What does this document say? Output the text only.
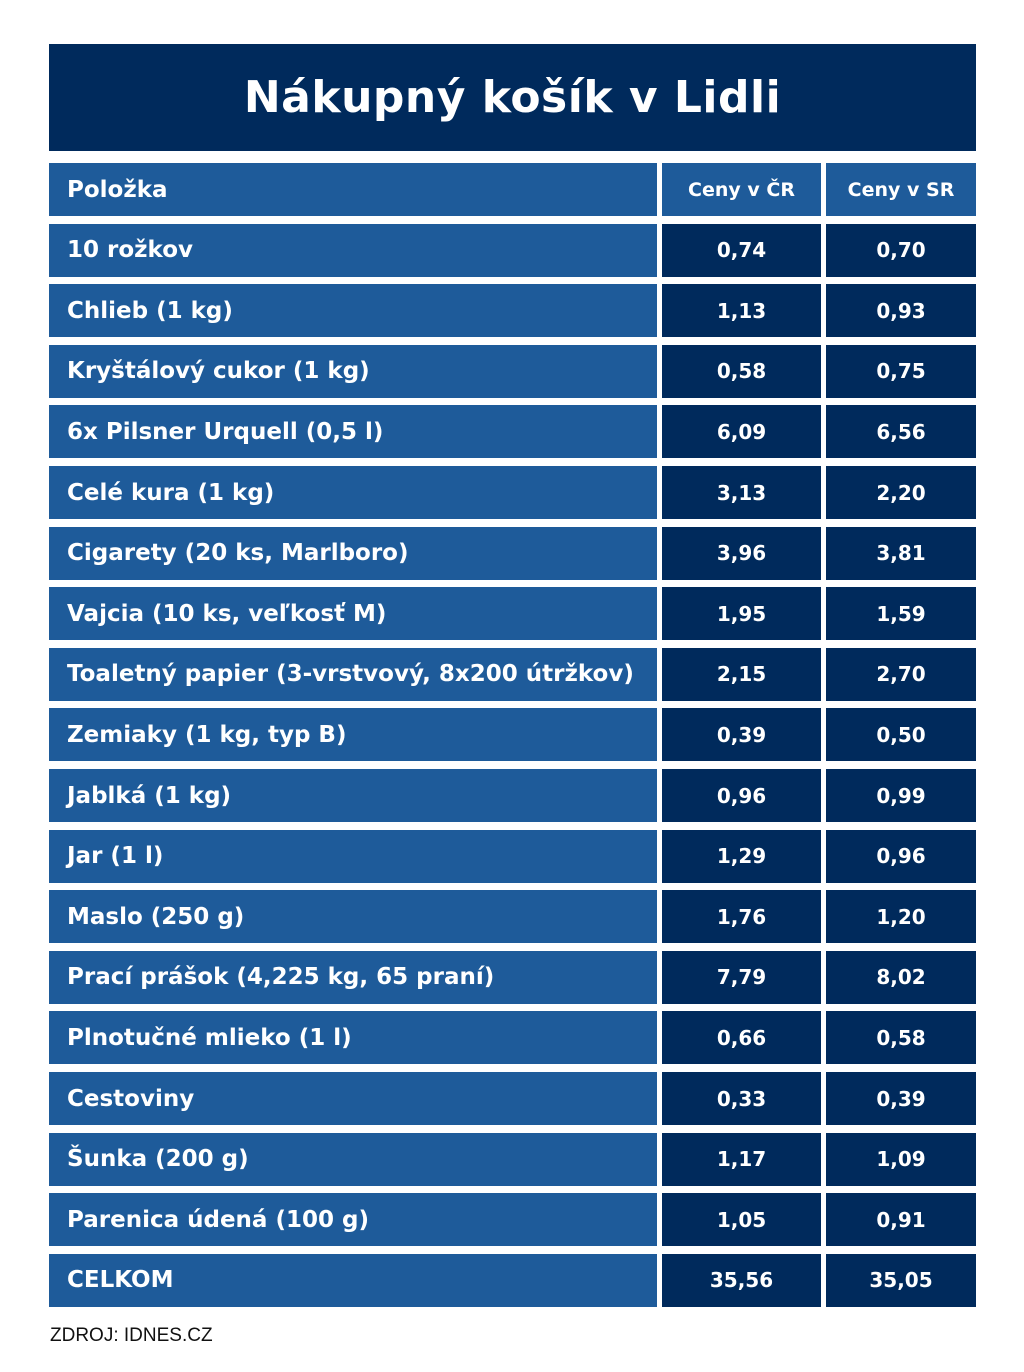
Nákupný košík v Lidli
Položka	Ceny v ČR	Ceny v SR
10 rožkov	0,74	0,70
Chlieb (1 kg)	1,13	0,93
Kryštálový cukor (1 kg)	0,58	0,75
6x Pilsner Urquell (0,5 l)	6,09	6,56
Celé kura (1 kg)	3,13	2,20
Cigarety (20 ks, Marlboro)	3,96	3,81
Vajcia (10 ks, veľkosť M)	1,95	1,59
Toaletný papier (3-vrstvový, 8x200 útržkov)	2,15	2,70
Zemiaky (1 kg, typ B)	0,39	0,50
Jablká (1 kg)	0,96	0,99
Jar (1 l)	1,29	0,96
Maslo (250 g)	1,76	1,20
Prací prášok (4,225 kg, 65 praní)	7,79	8,02
Plnotučné mlieko (1 l)	0,66	0,58
Cestoviny	0,33	0,39
Šunka (200 g)	1,17	1,09
Parenica údená (100 g)	1,05	0,91
CELKOM	35,56	35,05
ZDROJ: IDNES.CZ
